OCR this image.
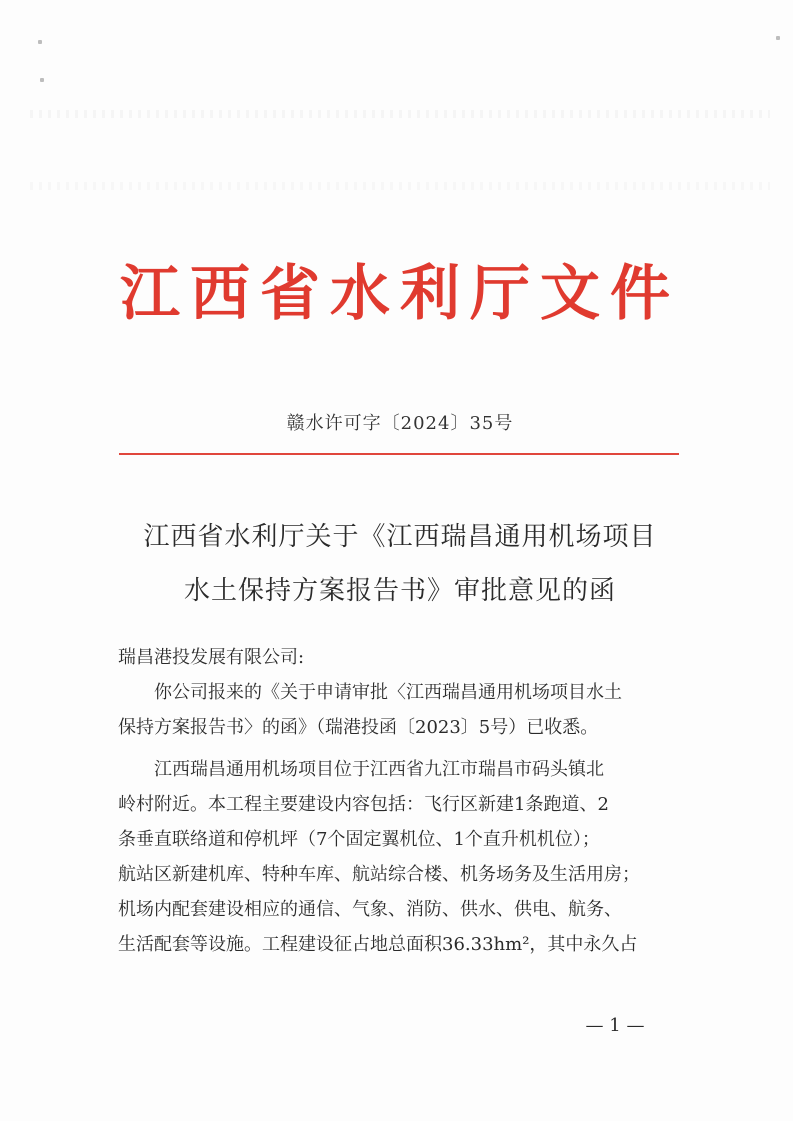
江西省水利厅文件
赣水许可字〔2024〕35号
江西省水利厅关于《江西瑞昌通用机场项目
水土保持方案报告书》审批意见的函
瑞昌港投发展有限公司:
　　你公司报来的《关于申请审批〈江西瑞昌通用机场项目水土
保持方案报告书〉的函》（瑞港投函〔2023〕5号）已收悉。
　　江西瑞昌通用机场项目位于江西省九江市瑞昌市码头镇北
岭村附近。本工程主要建设内容包括：飞行区新建1条跑道、2
条垂直联络道和停机坪（7个固定翼机位、1个直升机机位）；
航站区新建机库、特种车库、航站综合楼、机务场务及生活用房；
机场内配套建设相应的通信、气象、消防、供水、供电、航务、
生活配套等设施。工程建设征占地总面积36.33hm²，其中永久占
— 1 —
